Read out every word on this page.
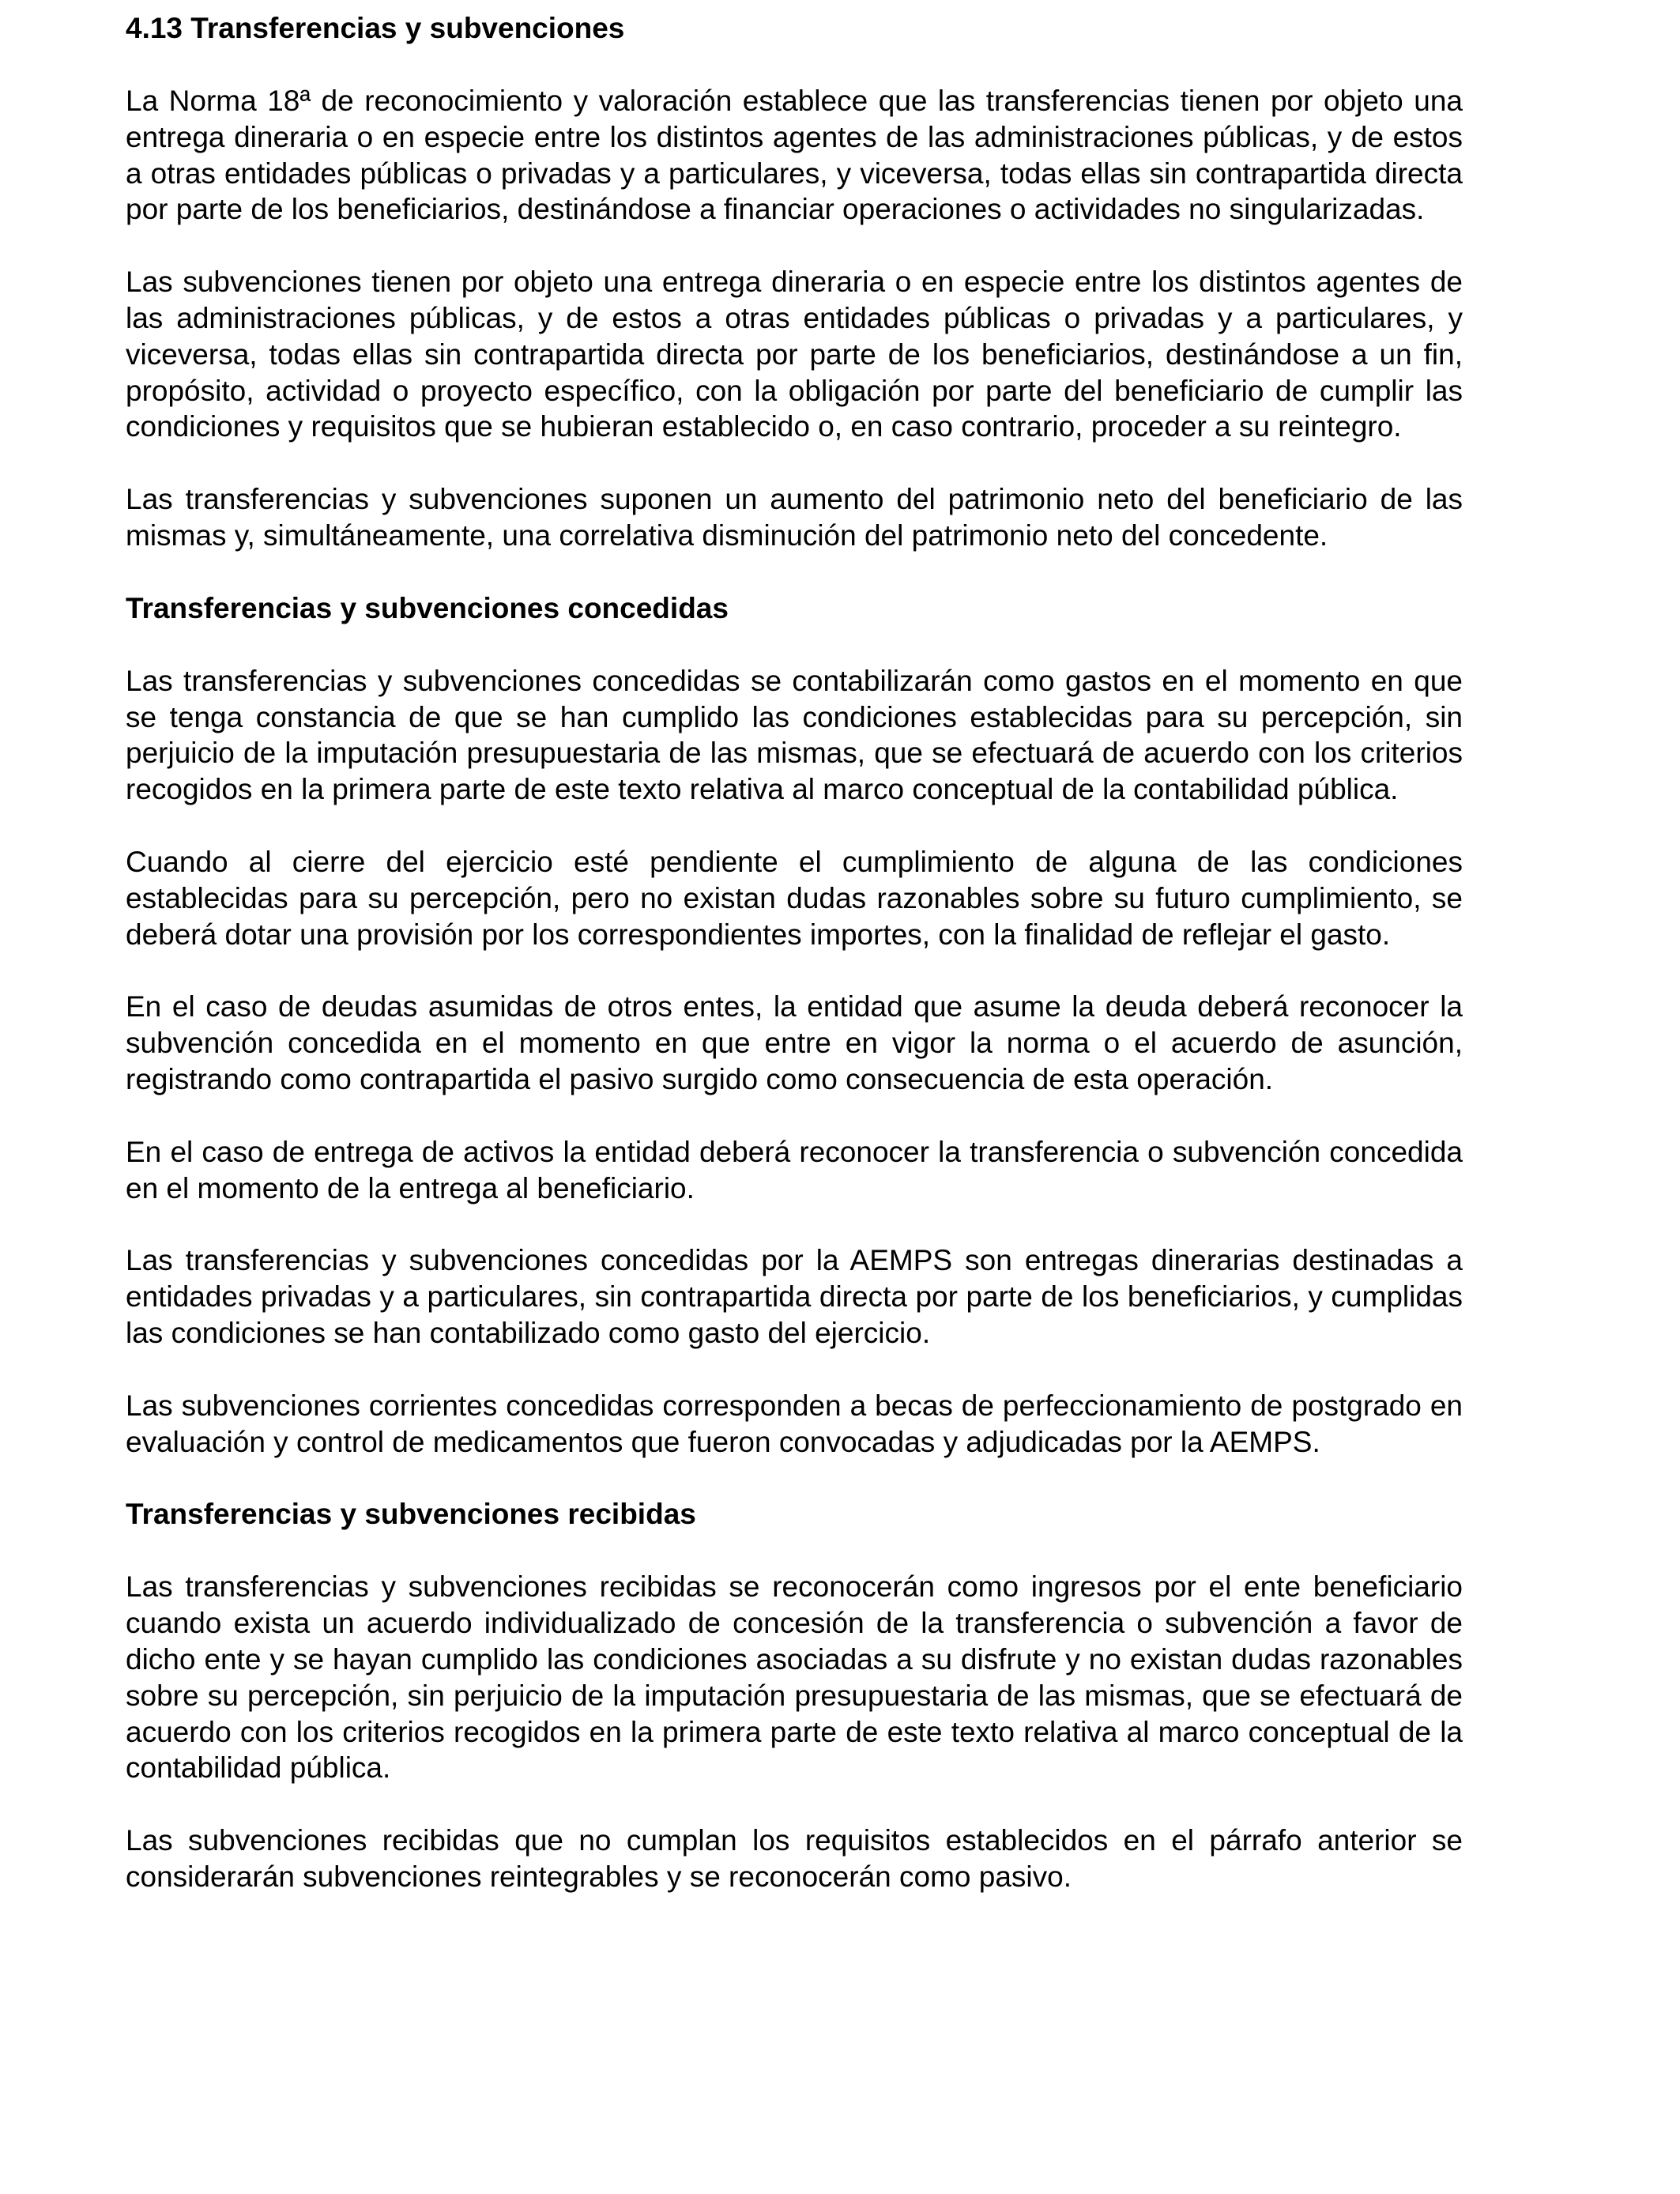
4.13 Transferencias y subvenciones

La Norma 18ª de reconocimiento y valoración establece que las transferencias tienen por objeto una entrega dineraria o en especie entre los distintos agentes de las administraciones públicas, y de estos a otras entidades públicas o privadas y a particulares, y viceversa, todas ellas sin contrapartida directa por parte de los beneficiarios, destinándose a financiar operaciones o actividades no singularizadas.

Las subvenciones tienen por objeto una entrega dineraria o en especie entre los distintos agentes de las administraciones públicas, y de estos a otras entidades públicas o privadas y a particulares, y viceversa, todas ellas sin contrapartida directa por parte de los beneficiarios, destinándose a un fin, propósito, actividad o proyecto específico, con la obligación por parte del beneficiario de cumplir las condiciones y requisitos que se hubieran establecido o, en caso contrario, proceder a su reintegro.

Las transferencias y subvenciones suponen un aumento del patrimonio neto del beneficiario de las mismas y, simultáneamente, una correlativa disminución del patrimonio neto del concedente.

Transferencias y subvenciones concedidas

Las transferencias y subvenciones concedidas se contabilizarán como gastos en el momento en que se tenga constancia de que se han cumplido las condiciones establecidas para su percepción, sin perjuicio de la imputación presupuestaria de las mismas, que se efectuará de acuerdo con los criterios recogidos en la primera parte de este texto relativa al marco conceptual de la contabilidad pública.

Cuando al cierre del ejercicio esté pendiente el cumplimiento de alguna de las condiciones establecidas para su percepción, pero no existan dudas razonables sobre su futuro cumplimiento, se deberá dotar una provisión por los correspondientes importes, con la finalidad de reflejar el gasto.

En el caso de deudas asumidas de otros entes, la entidad que asume la deuda deberá reconocer la subvención concedida en el momento en que entre en vigor la norma o el acuerdo de asunción, registrando como contrapartida el pasivo surgido como consecuencia de esta operación.

En el caso de entrega de activos la entidad deberá reconocer la transferencia o subvención concedida en el momento de la entrega al beneficiario.

Las transferencias y subvenciones concedidas por la AEMPS son entregas dinerarias destinadas a entidades privadas y a particulares, sin contrapartida directa por parte de los beneficiarios, y cumplidas las condiciones se han contabilizado como gasto del ejercicio.

Las subvenciones corrientes concedidas corresponden a becas de perfeccionamiento de postgrado en evaluación y control de medicamentos que fueron convocadas y adjudicadas por la AEMPS.

Transferencias y subvenciones recibidas

Las transferencias y subvenciones recibidas se reconocerán como ingresos por el ente beneficiario cuando exista un acuerdo individualizado de concesión de la transferencia o subvención a favor de dicho ente y se hayan cumplido las condiciones asociadas a su disfrute y no existan dudas razonables sobre su percepción, sin perjuicio de la imputación presupuestaria de las mismas, que se efectuará de acuerdo con los criterios recogidos en la primera parte de este texto relativa al marco conceptual de la contabilidad pública.

Las subvenciones recibidas que no cumplan los requisitos establecidos en el párrafo anterior se considerarán subvenciones reintegrables y se reconocerán como pasivo.
